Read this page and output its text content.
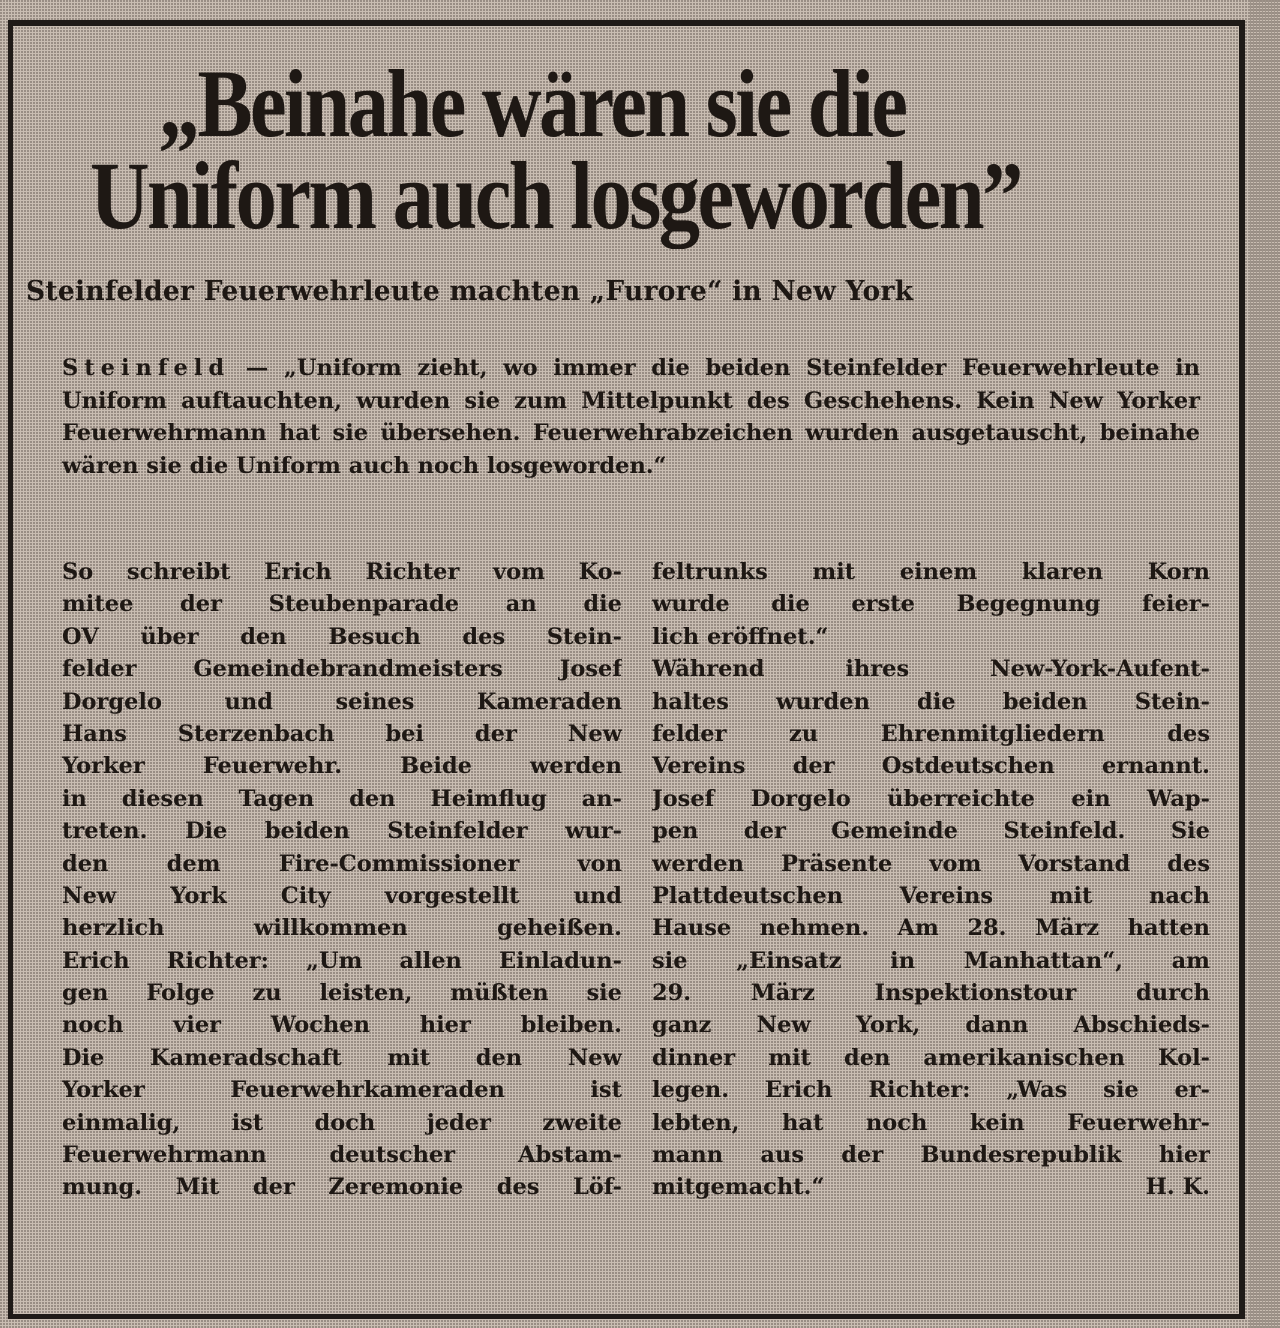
„Beinahe wären sie die
Uniform auch losgeworden”
Steinfelder Feuerwehrleute machten „Furore“ in New York

Steinfeld — „Uniform zieht, wo immer die beiden Steinfelder Feuerwehrleute in Uniform auftauchten, wurden sie zum Mittelpunkt des Geschehens. Kein New Yorker Feuerwehrmann hat sie übersehen. Feuerwehrabzeichen wurden ausgetauscht, beinahe wären sie die Uniform auch noch losgeworden.“

So schreibt Erich Richter vom Ko-
mitee der Steubenparade an die
OV über den Besuch des Stein-
felder Gemeindebrandmeisters Josef
Dorgelo und seines Kameraden
Hans Sterzenbach bei der New
Yorker Feuerwehr. Beide werden
in diesen Tagen den Heimflug an-
treten. Die beiden Steinfelder wur-
den dem Fire-Commissioner von
New York City vorgestellt und
herzlich willkommen geheißen.
Erich Richter: „Um allen Einladun-
gen Folge zu leisten, müßten sie
noch vier Wochen hier bleiben.
Die Kameradschaft mit den New
Yorker Feuerwehrkameraden ist
einmalig, ist doch jeder zweite
Feuerwehrmann deutscher Abstam-
mung. Mit der Zeremonie des Löf-
feltrunks mit einem klaren Korn
wurde die erste Begegnung feier-
lich eröffnet.“
Während ihres New-York-Aufent-
haltes wurden die beiden Stein-
felder zu Ehrenmitgliedern des
Vereins der Ostdeutschen ernannt.
Josef Dorgelo überreichte ein Wap-
pen der Gemeinde Steinfeld. Sie
werden Präsente vom Vorstand des
Plattdeutschen Vereins mit nach
Hause nehmen. Am 28. März hatten
sie „Einsatz in Manhattan“, am
29. März Inspektionstour durch
ganz New York, dann Abschieds-
dinner mit den amerikanischen Kol-
legen. Erich Richter: „Was sie er-
lebten, hat noch kein Feuerwehr-
mann aus der Bundesrepublik hier
mitgemacht.“	H. K.
